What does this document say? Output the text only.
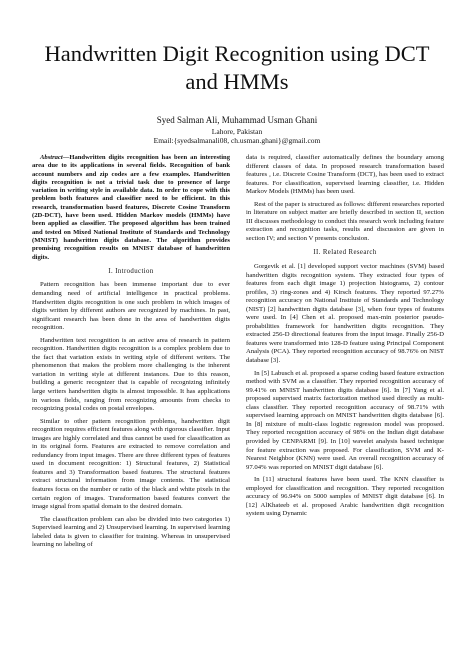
Handwritten Digit Recognition using DCT and HMMs
Syed Salman Ali, Muhammad Usman Ghani
Lahore, Pakistan
Email:{syedsalmanali08, ch.usman.ghani}@gmail.com

Abstract—Handwritten digits recognition has been an interesting area due to its applications in several fields. Recognition of bank account numbers and zip codes are a few examples. Handwritten digits recognition is not a trivial task due to presence of large variation in writing style in available data. In order to cope with this problem both features and classifier need to be efficient. In this research, transformation based features, Discrete Cosine Transform (2D-DCT), have been used. Hidden Markov models (HMMs) have been applied as classifier. The proposed algorithm has been trained and tested on Mixed National Institute of Standards and Technology (MNIST) handwritten digits database. The algorithm provides promising recognition results on MNIST database of handwritten digits.

I. Introduction

Pattern recognition has been immense important due to ever demanding need of artificial intelligence in practical problems. Handwritten digits recognition is one such problem in which images of digits written by different authors are recognized by machines. In past, significant research has been done in the area of handwritten digits recognition.

Handwritten text recognition is an active area of research in pattern recognition. Handwritten digits recognition is a complex problem due to the fact that variation exists in writing style of different writers. The phenomenon that makes the problem more challenging is the inherent variation in writing style at different instances. Due to this reason, building a generic recognizer that is capable of recognizing infinitely large writers handwritten digits is almost impossible. It has applications in various fields, ranging from recognizing amounts from checks to recognizing postal codes on postal envelopes.

Similar to other pattern recognition problems, handwritten digit recognition requires efficient features along with rigorous classifier. Input images are highly correlated and thus cannot be used for classification as in its original form. Features are extracted to remove correlation and redundancy from input images. There are three different types of features used in document recognition: 1) Structural features, 2) Statistical features and 3) Transformation based features. The structural features extract structural information from image contents. The statistical features focus on the number or ratio of the black and white pixels in the certain region of images. Transformation based features convert the image signal from spatial domain to the desired domain.

The classification problem can also be divided into two categories 1) Supervised learning and 2) Unsupervised learning. In supervised learning labeled data is given to classifier for training. Whereas in unsupervised learning no labeling of

data is required, classifier automatically defines the boundary among different classes of data. In proposed research transformation based features , i.e. Discrete Cosine Transform (DCT), has been used to extract features. For classification, supervised learning classifier, i.e. Hidden Markov Models (HMMs) has been used.

Rest of the paper is structured as follows: different researches reported in literature on subject matter are briefly described in section II, section III discusses methodology to conduct this research work including feature extraction and recognition tasks, results and discussion are given in section IV; and section V presents conclusion.

II. Related Research

Gorgevik et al. [1] developed support vector machines (SVM) based handwritten digits recognition system. They extracted four types of features from each digit image 1) projection histograms, 2) contour profiles, 3) ring-zones and 4) Kirsch features. They reported 97.27% recognition accuracy on National Institute of Standards and Technology (NIST) [2] handwritten digits database [3], when four types of features were used. In [4] Chen et al. proposed max-min posterior pseudo-probabilities framework for handwritten digits recognition. They extracted 256-D directional features from the input image. Finally 256-D features were transformed into 128-D feature using Principal Component Analysis (PCA). They reported recognition accuracy of 98.76% on NIST database [3].

In [5] Labusch et al. proposed a sparse coding based feature extraction method with SVM as a classifier. They reported recognition accuracy of 99.41% on MNIST handwritten digits database [6]. In [7] Yang et al. proposed supervised matrix factorization method used directly as multi-class classifier. They reported recognition accuracy of 98.71% with supervised learning approach on MNIST handwritten digits database [6]. In [8] mixture of multi-class logistic regression model was proposed. They reported recognition accuracy of 98% on the Indian digit database provided by CENPARMI [9]. In [10] wavelet analysis based technique for feature extraction was proposed. For classification, SVM and K-Nearest Neighbor (KNN) were used. An overall recognition accuracy of 97.04% was reported on MNIST digit database [6].

In [11] structural features have been used. The KNN classifier is employed for classification and recognition. They reported recognition accuracy of 96.94% on 5000 samples of MNIST digit database [6]. In [12] AlKhateeb et al. proposed Arabic handwritten digit recognition system using Dynamic
